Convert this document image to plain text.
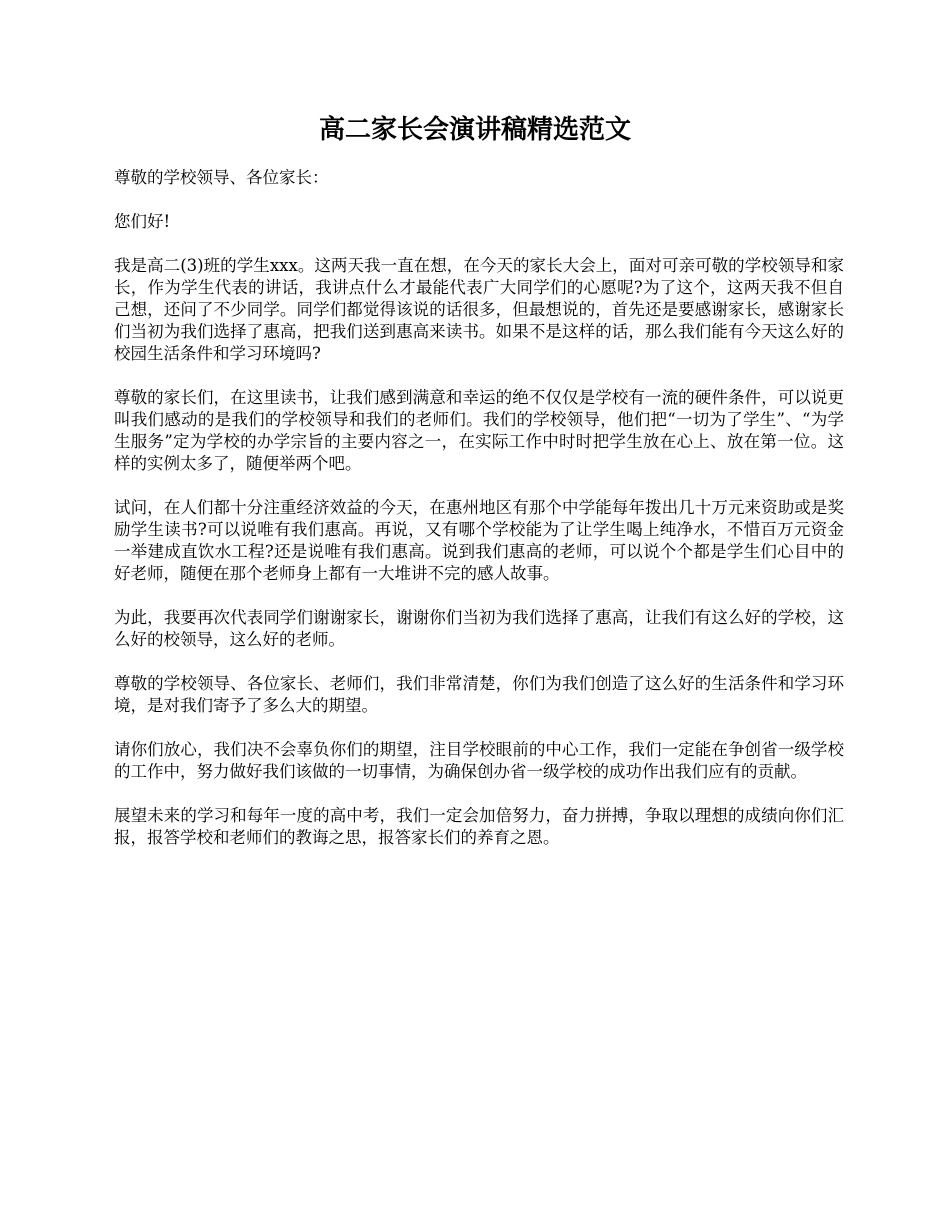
高二家长会演讲稿精选范文

尊敬的学校领导、各位家长：

您们好!

我是高二(3)班的学生xxx。这两天我一直在想，在今天的家长大会上，面对可亲可敬的学校领导和家长，作为学生代表的讲话，我讲点什么才最能代表广大同学们的心愿呢?为了这个，这两天我不但自己想，还问了不少同学。同学们都觉得该说的话很多，但最想说的，首先还是要感谢家长，感谢家长们当初为我们选择了惠高，把我们送到惠高来读书。如果不是这样的话，那么我们能有今天这么好的校园生活条件和学习环境吗?

尊敬的家长们，在这里读书，让我们感到满意和幸运的绝不仅仅是学校有一流的硬件条件，可以说更叫我们感动的是我们的学校领导和我们的老师们。我们的学校领导，他们把“一切为了学生”、“为学生服务”定为学校的办学宗旨的主要内容之一，在实际工作中时时把学生放在心上、放在第一位。这样的实例太多了，随便举两个吧。

试问，在人们都十分注重经济效益的今天，在惠州地区有那个中学能每年拨出几十万元来资助或是奖励学生读书?可以说唯有我们惠高。再说，又有哪个学校能为了让学生喝上纯净水，不惜百万元资金一举建成直饮水工程?还是说唯有我们惠高。说到我们惠高的老师，可以说个个都是学生们心目中的好老师，随便在那个老师身上都有一大堆讲不完的感人故事。

为此，我要再次代表同学们谢谢家长，谢谢你们当初为我们选择了惠高，让我们有这么好的学校，这么好的校领导，这么好的老师。

尊敬的学校领导、各位家长、老师们，我们非常清楚，你们为我们创造了这么好的生活条件和学习环境，是对我们寄予了多么大的期望。

请你们放心，我们决不会辜负你们的期望，注目学校眼前的中心工作，我们一定能在争创省一级学校的工作中，努力做好我们该做的一切事情，为确保创办省一级学校的成功作出我们应有的贡献。

展望未来的学习和每年一度的高中考，我们一定会加倍努力，奋力拼搏，争取以理想的成绩向你们汇报，报答学校和老师们的教诲之思，报答家长们的养育之恩。
